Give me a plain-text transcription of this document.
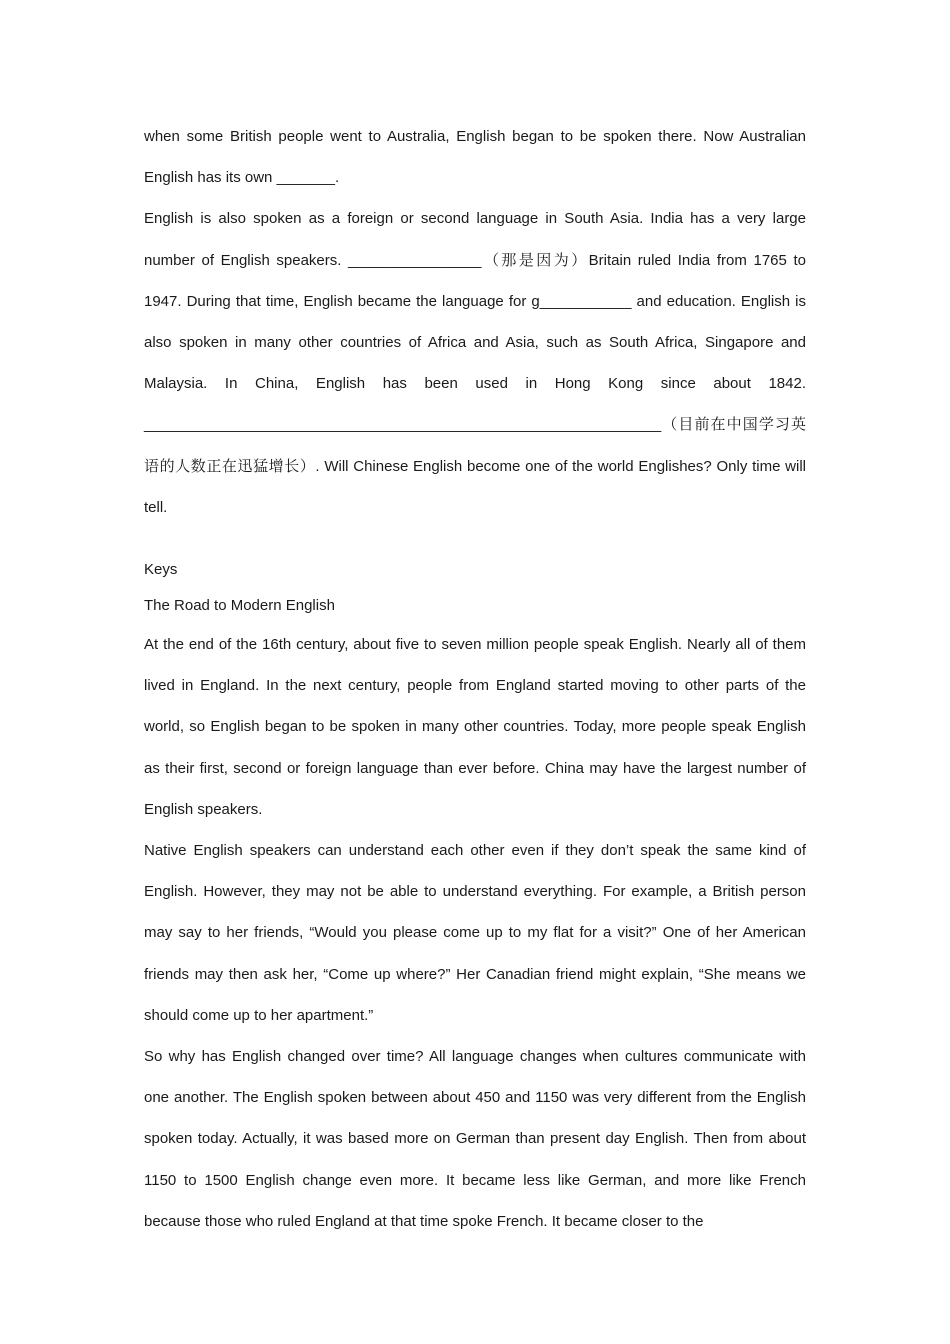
when some British people went to Australia, English began to be spoken there. Now Australian English has its own _______.

English is also spoken as a foreign or second language in South Asia. India has a very large number of English speakers. ________________（那是因为）Britain ruled India from 1765 to 1947. During that time, English became the language for g___________ and education. English is also spoken in many other countries of Africa and Asia, such as South Africa, Singapore and Malaysia. In China, English has been used in Hong Kong since about 1842. ______________________________________________________________（目前在中国学习英语的人数正在迅猛增长）. Will Chinese English become one of the world Englishes? Only time will tell.

Keys

The Road to Modern English

At the end of the 16th century, about five to seven million people speak English. Nearly all of them lived in England. In the next century, people from England started moving to other parts of the world, so English began to be spoken in many other countries. Today, more people speak English as their first, second or foreign language than ever before. China may have the largest number of English speakers.

Native English speakers can understand each other even if they don’t speak the same kind of English. However, they may not be able to understand everything. For example, a British person may say to her friends, “Would you please come up to my flat for a visit?” One of her American friends may then ask her, “Come up where?” Her Canadian friend might explain, “She means we should come up to her apartment.”

So why has English changed over time? All language changes when cultures communicate with one another. The English spoken between about 450 and 1150 was very different from the English spoken today. Actually, it was based more on German than present day English. Then from about 1150 to 1500 English change even more. It became less like German, and more like French because those who ruled England at that time spoke French. It became closer to the
